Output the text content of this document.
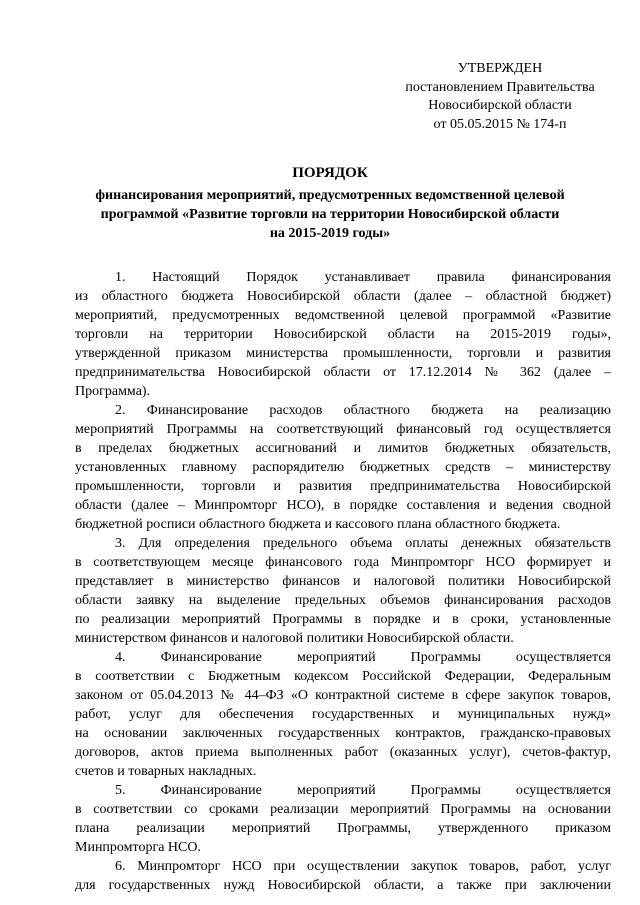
УТВЕРЖДЕН
постановлением Правительства
Новосибирской области
от 05.05.2015 № 174-п
ПОРЯДОК
финансирования мероприятий, предусмотренных ведомственной целевой
программой «Развитие торговли на территории Новосибирской области
на 2015-2019 годы»
1. Настоящий Порядок устанавливает правила финансирования
из областного бюджета Новосибирской области (далее – областной бюджет)
мероприятий, предусмотренных ведомственной целевой программой «Развитие
торговли на территории Новосибирской области на 2015-2019 годы»,
утвержденной приказом министерства промышленности, торговли и развития
предпринимательства Новосибирской области от 17.12.2014 № 362 (далее –
Программа).
2. Финансирование расходов областного бюджета на реализацию
мероприятий Программы на соответствующий финансовый год осуществляется
в пределах бюджетных ассигнований и лимитов бюджетных обязательств,
установленных главному распорядителю бюджетных средств – министерству
промышленности, торговли и развития предпринимательства Новосибирской
области (далее – Минпромторг НСО), в порядке составления и ведения сводной
бюджетной росписи областного бюджета и кассового плана областного бюджета.
3. Для определения предельного объема оплаты денежных обязательств
в соответствующем месяце финансового года Минпромторг НСО формирует и
представляет в министерство финансов и налоговой политики Новосибирской
области заявку на выделение предельных объемов финансирования расходов
по реализации мероприятий Программы в порядке и в сроки, установленные
министерством финансов и налоговой политики Новосибирской области.
4. Финансирование мероприятий Программы осуществляется
в соответствии с Бюджетным кодексом Российской Федерации, Федеральным
законом от 05.04.2013 № 44–ФЗ «О контрактной системе в сфере закупок товаров,
работ, услуг для обеспечения государственных и муниципальных нужд»
на основании заключенных государственных контрактов, гражданско-правовых
договоров, актов приема выполненных работ (оказанных услуг), счетов-фактур,
счетов и товарных накладных.
5. Финансирование мероприятий Программы осуществляется
в соответствии со сроками реализации мероприятий Программы на основании
плана реализации мероприятий Программы, утвержденного приказом
Минпромторга НСО.
6. Минпромторг НСО при осуществлении закупок товаров, работ, услуг
для государственных нужд Новосибирской области, а также при заключении
